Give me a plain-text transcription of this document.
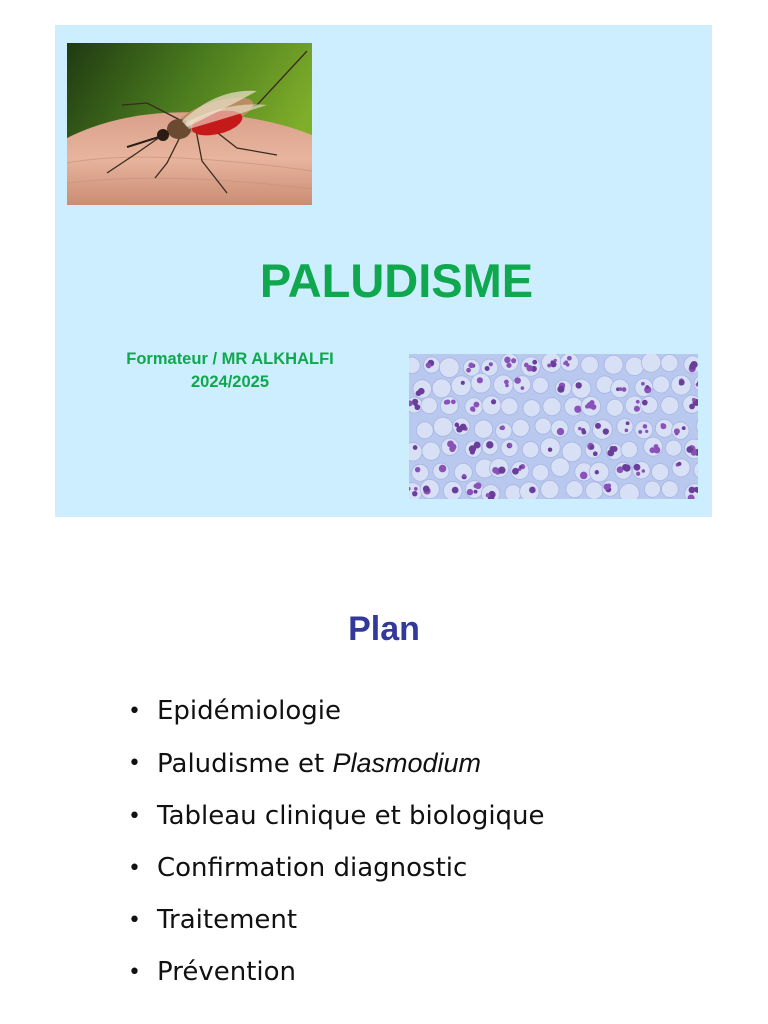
PALUDISME
Formateur / MR ALKHALFI
2024/2025
Plan
• Epidémiologie
• Paludisme et Plasmodium
• Tableau clinique et biologique
• Confirmation diagnostic
• Traitement
• Prévention
